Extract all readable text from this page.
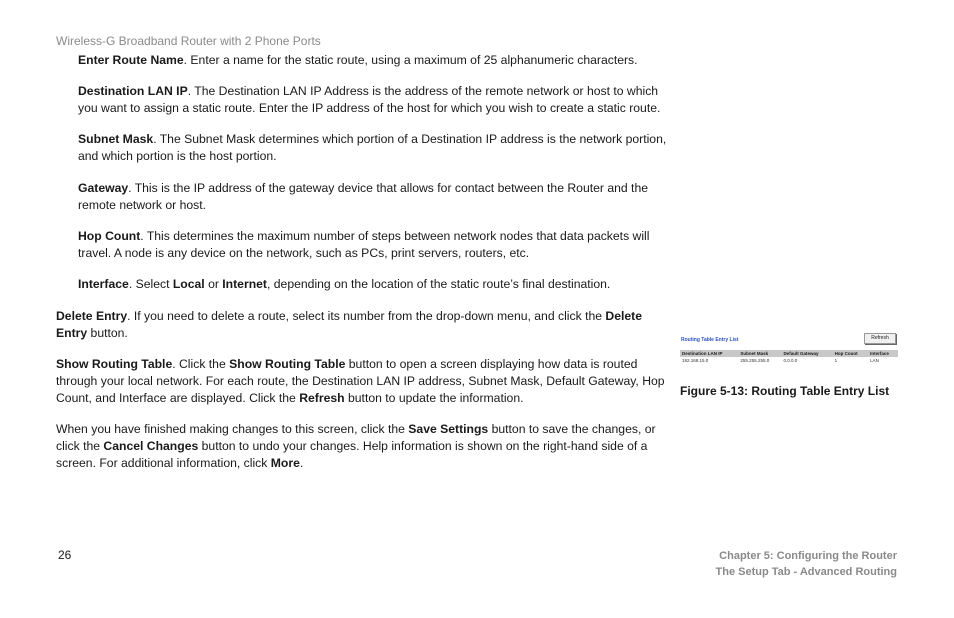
Wireless-G Broadband Router with 2 Phone Ports

Enter Route Name. Enter a name for the static route, using a maximum of 25 alphanumeric characters.

Destination LAN IP. The Destination LAN IP Address is the address of the remote network or host to which you want to assign a static route. Enter the IP address of the host for which you wish to create a static route.

Subnet Mask. The Subnet Mask determines which portion of a Destination IP address is the network portion, and which portion is the host portion.

Gateway. This is the IP address of the gateway device that allows for contact between the Router and the remote network or host.

Hop Count. This determines the maximum number of steps between network nodes that data packets will travel. A node is any device on the network, such as PCs, print servers, routers, etc.

Interface. Select Local or Internet, depending on the location of the static route’s final destination.

Delete Entry. If you need to delete a route, select its number from the drop-down menu, and click the Delete Entry button.

Show Routing Table. Click the Show Routing Table button to open a screen displaying how data is routed through your local network. For each route, the Destination LAN IP address, Subnet Mask, Default Gateway, Hop Count, and Interface are displayed. Click the Refresh button to update the information.

When you have finished making changes to this screen, click the Save Settings button to save the changes, or click the Cancel Changes button to undo your changes. Help information is shown on the right-hand side of a screen. For additional information, click More.

Routing Table Entry List	Refresh
Destination LAN IP	Subnet Mask	Default Gateway	Hop Count	Interface
192.168.15.0	255.255.255.0	0.0.0.0	1	LAN
Figure 5-13: Routing Table Entry List
26	Chapter 5: Configuring the Router
The Setup Tab - Advanced Routing
